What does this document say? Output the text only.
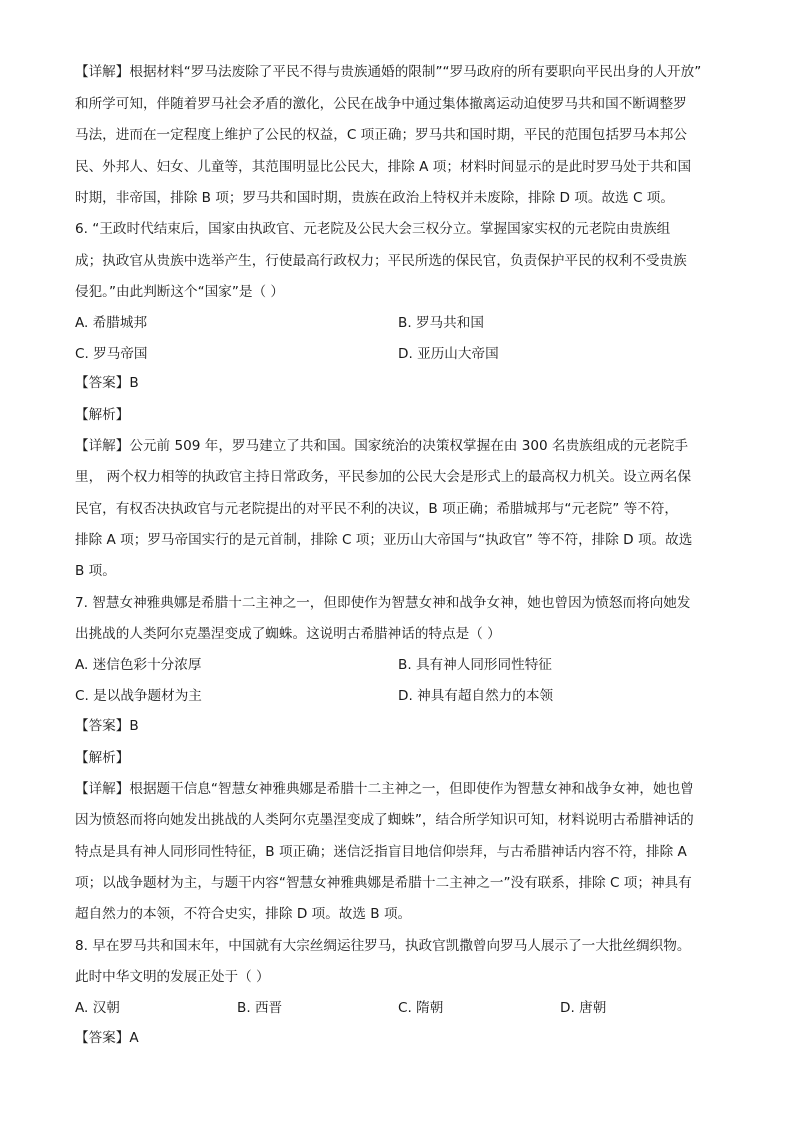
【详解】根据材料“罗马法废除了平民不得与贵族通婚的限制”“罗马政府的所有要职向平民出身的人开放”
和所学可知，伴随着罗马社会矛盾的激化，公民在战争中通过集体撤离运动迫使罗马共和国不断调整罗
马法，进而在一定程度上维护了公民的权益，C 项正确；罗马共和国时期，平民的范围包括罗马本邦公
民、外邦人、妇女、儿童等，其范围明显比公民大，排除 A 项；材料时间显示的是此时罗马处于共和国
时期，非帝国，排除 B 项；罗马共和国时期，贵族在政治上特权并未废除，排除 D 项。故选 C 项。
6. “王政时代结束后，国家由执政官、元老院及公民大会三权分立。掌握国家实权的元老院由贵族组
成；执政官从贵族中选举产生，行使最高行政权力；平民所选的保民官，负责保护平民的权利不受贵族
侵犯。”由此判断这个“国家”是（ ）
A. 希腊城邦	B. 罗马共和国
C. 罗马帝国	D. 亚历山大帝国
【答案】B
【解析】
【详解】公元前 509 年，罗马建立了共和国。国家统治的决策权掌握在由 300 名贵族组成的元老院手
里， 两个权力相等的执政官主持日常政务，平民参加的公民大会是形式上的最高权力机关。设立两名保
民官，有权否决执政官与元老院提出的对平民不利的决议，B 项正确；希腊城邦与“元老院” 等不符，
排除 A 项；罗马帝国实行的是元首制，排除 C 项；亚历山大帝国与“执政官” 等不符，排除 D 项。故选
B 项。
7. 智慧女神雅典娜是希腊十二主神之一，但即使作为智慧女神和战争女神，她也曾因为愤怒而将向她发
出挑战的人类阿尔克墨涅变成了蜘蛛。这说明古希腊神话的特点是（ ）
A. 迷信色彩十分浓厚	B. 具有神人同形同性特征
C. 是以战争题材为主	D. 神具有超自然力的本领
【答案】B
【解析】
【详解】根据题干信息“智慧女神雅典娜是希腊十二主神之一，但即使作为智慧女神和战争女神，她也曾
因为愤怒而将向她发出挑战的人类阿尔克墨涅变成了蜘蛛”，结合所学知识可知，材料说明古希腊神话的
特点是具有神人同形同性特征，B 项正确；迷信泛指盲目地信仰崇拜，与古希腊神话内容不符，排除 A
项；以战争题材为主，与题干内容“智慧女神雅典娜是希腊十二主神之一”没有联系，排除 C 项；神具有
超自然力的本领，不符合史实，排除 D 项。故选 B 项。
8. 早在罗马共和国末年，中国就有大宗丝绸运往罗马，执政官凯撒曾向罗马人展示了一大批丝绸织物。
此时中华文明的发展正处于（ ）
A. 汉朝	B. 西晋	C. 隋朝	D. 唐朝
【答案】A
